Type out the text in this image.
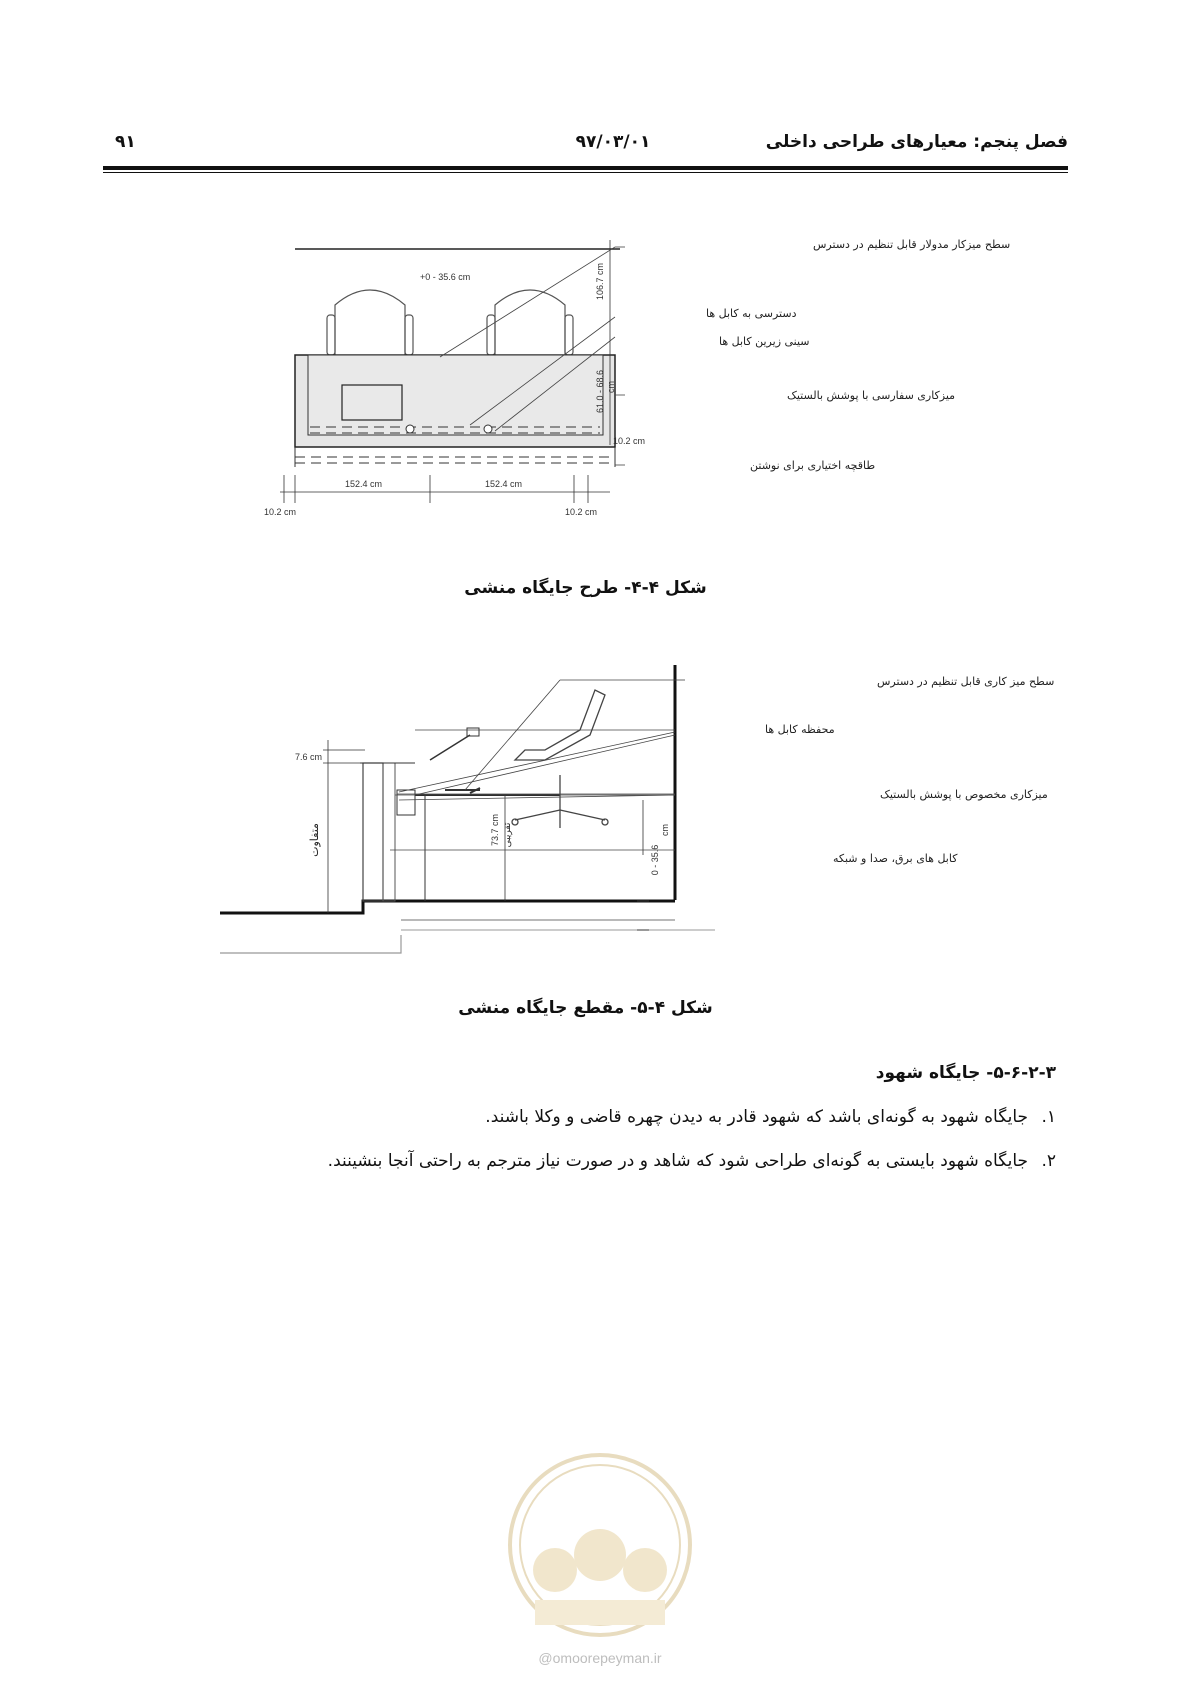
فصل پنجم: معیارهای طراحی داخلی
۹۷/۰۳/۰۱
۹۱
+0 - 35.6 cm
152.4 cm	152.4 cm
10.2 cm	10.2 cm
106.7 cm
61.0 - 68.6 cm
10.2 cm
سطح میزکار مدولار قابل تنظیم در دسترس
دسترسی به کابل ها
سینی زیرین کابل ها
میزکاری سفارسی با پوشش بالستیک
طاقچه اختیاری برای نوشتن
شکل ۴-۴- طرح جایگاه منشی
7.6 cm
متفاوت	73.7 cm تقریبی
0 - 35.6
cm
سطح میز کاری قابل تنظیم در دسترس
محفظه کابل ها
میزکاری مخصوص با پوشش بالستیک
کابل های برق، صدا و شبکه
شکل ۴-۵- مقطع جایگاه منشی
۵-۶-۲-۳- جایگاه شهود
۱. جایگاه شهود به گونه‌ای باشد که شهود قادر به دیدن چهره قاضی و وکلا باشند.
۲. جایگاه شهود بایستی به گونه‌ای طراحی شود که شاهد و در صورت نیاز مترجم به راحتی آنجا بنشینند.
@omoorepeyman.ir
